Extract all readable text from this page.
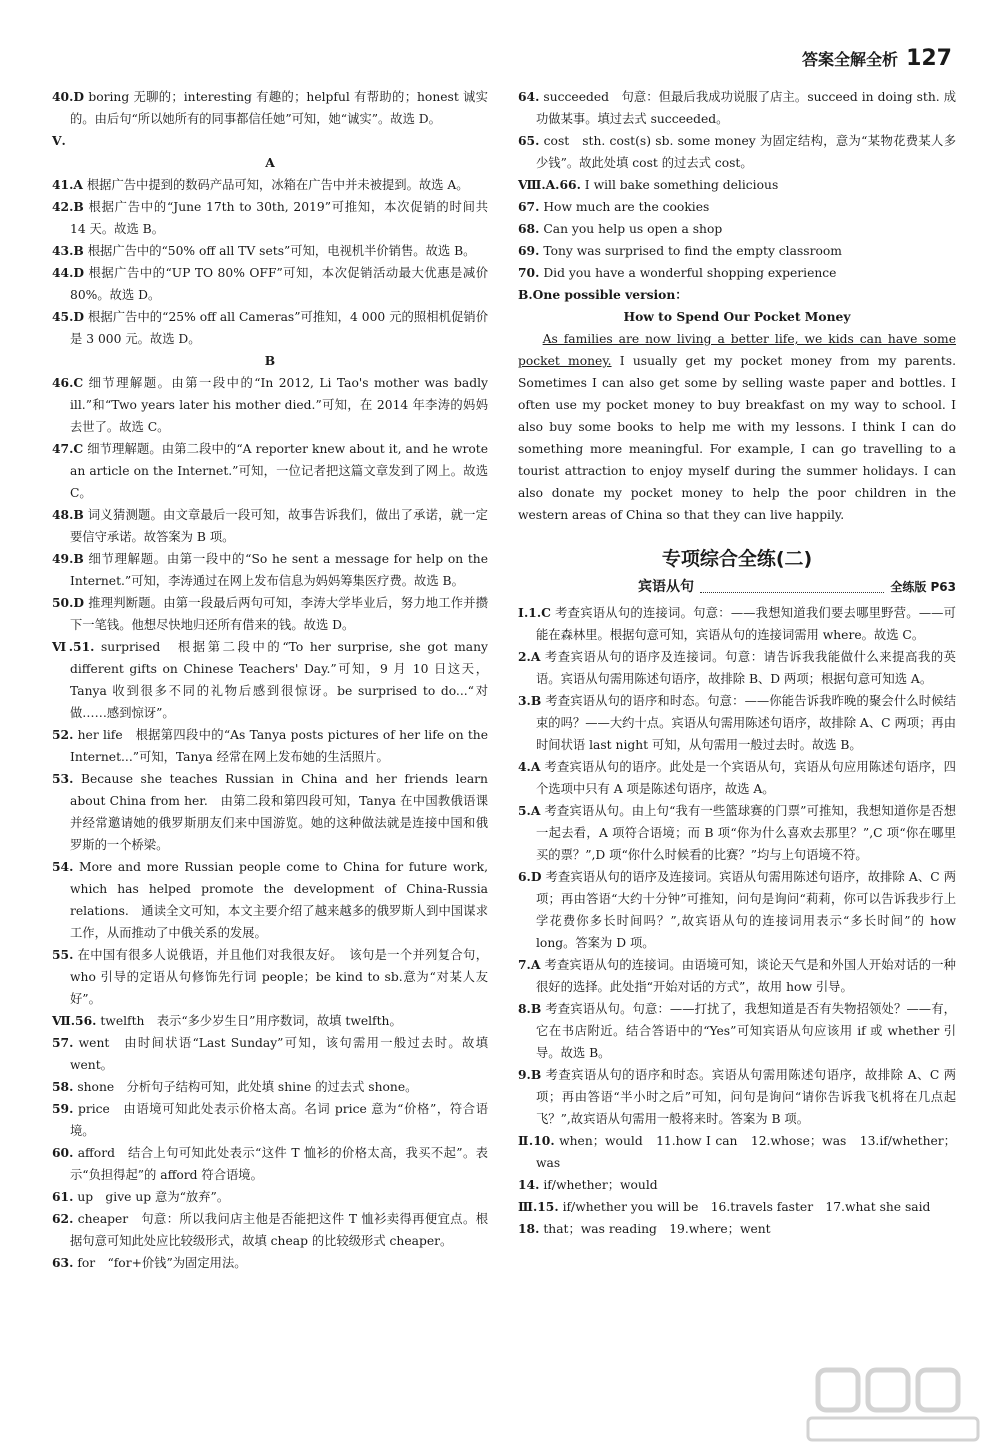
答案全解全析 127

40.D boring 无聊的；interesting 有趣的；helpful 有帮助的；honest 诚实的。由后句“所以她所有的同事都信任她”可知，她“诚实”。故选 D。

Ⅴ.

A

41.A 根据广告中提到的数码产品可知，冰箱在广告中并未被提到。故选 A。

42.B 根据广告中的“June 17th to 30th, 2019”可推知，本次促销的时间共 14 天。故选 B。

43.B 根据广告中的“50% off all TV sets”可知，电视机半价销售。故选 B。

44.D 根据广告中的“UP TO 80% OFF”可知，本次促销活动最大优惠是减价 80%。故选 D。

45.D 根据广告中的“25% off all Cameras”可推知，4 000 元的照相机促销价是 3 000 元。故选 D。

B

46.C 细节理解题。由第一段中的“In 2012, Li Tao's mother was badly ill.”和“Two years later his mother died.”可知，在 2014 年李涛的妈妈去世了。故选 C。

47.C 细节理解题。由第二段中的“A reporter knew about it, and he wrote an article on the Internet.”可知，一位记者把这篇文章发到了网上。故选 C。

48.B 词义猜测题。由文章最后一段可知，故事告诉我们，做出了承诺，就一定要信守承诺。故答案为 B 项。

49.B 细节理解题。由第一段中的“So he sent a message for help on the Internet.”可知，李涛通过在网上发布信息为妈妈筹集医疗费。故选 B。

50.D 推理判断题。由第一段最后两句可知，李涛大学毕业后，努力地工作并攒下一笔钱。他想尽快地归还所有借来的钱。故选 D。

Ⅵ.51. surprised　根据第二段中的“To her surprise, she got many different gifts on Chinese Teachers' Day.”可知，9 月 10 日这天，Tanya 收到很多不同的礼物后感到很惊讶。be surprised to do...“对做……感到惊讶”。

52. her life　根据第四段中的“As Tanya posts pictures of her life on the Internet...”可知，Tanya 经常在网上发布她的生活照片。

53. Because she teaches Russian in China and her friends learn about China from her.　由第二段和第四段可知，Tanya 在中国教俄语课并经常邀请她的俄罗斯朋友们来中国游览。她的这种做法就是连接中国和俄罗斯的一个桥梁。

54. More and more Russian people come to China for future work, which has helped promote the development of China-Russia relations.　通读全文可知，本文主要介绍了越来越多的俄罗斯人到中国谋求工作，从而推动了中俄关系的发展。

55. 在中国有很多人说俄语，并且他们对我很友好。　该句是一个并列复合句，who 引导的定语从句修饰先行词 people；be kind to sb.意为“对某人友好”。

Ⅶ.56. twelfth　表示“多少岁生日”用序数词，故填 twelfth。

57. went　由时间状语“Last Sunday”可知，该句需用一般过去时。故填 went。

58. shone　分析句子结构可知，此处填 shine 的过去式 shone。

59. price　由语境可知此处表示价格太高。名词 price 意为“价格”，符合语境。

60. afford　结合上句可知此处表示“这件 T 恤衫的价格太高，我买不起”。表示“负担得起”的 afford 符合语境。

61. up　give up 意为“放弃”。

62. cheaper　句意：所以我问店主他是否能把这件 T 恤衫卖得再便宜点。根据句意可知此处应比较级形式，故填 cheap 的比较级形式 cheaper。

63. for　“for+价钱”为固定用法。

64. succeeded　句意：但最后我成功说服了店主。succeed in doing sth. 成功做某事。填过去式 succeeded。

65. cost　sth. cost(s) sb. some money 为固定结构，意为“某物花费某人多少钱”。故此处填 cost 的过去式 cost。

Ⅷ.A.66. I will bake something delicious

67. How much are the cookies

68. Can you help us open a shop

69. Tony was surprised to find the empty classroom

70. Did you have a wonderful shopping experience

B.One possible version：

How to Spend Our Pocket Money

As families are now living a better life, we kids can have some pocket money. I usually get my pocket money from my parents. Sometimes I can also get some by selling waste paper and bottles. I often use my pocket money to buy breakfast on my way to school. I also buy some books to help me with my lessons. I think I can do something more meaningful. For example, I can go travelling to a tourist attraction to enjoy myself during the summer holidays. I can also donate my pocket money to help the poor children in the western areas of China so that they can live happily.

专项综合全练(二)
宾语从句	全练版 P63

Ⅰ.1.C 考查宾语从句的连接词。句意：——我想知道我们要去哪里野营。——可能在森林里。根据句意可知，宾语从句的连接词需用 where。故选 C。

2.A 考查宾语从句的语序及连接词。句意：请告诉我我能做什么来提高我的英语。宾语从句需用陈述句语序，故排除 B、D 两项；根据句意可知选 A。

3.B 考查宾语从句的语序和时态。句意：——你能告诉我昨晚的聚会什么时候结束的吗？——大约十点。宾语从句需用陈述句语序，故排除 A、C 两项；再由时间状语 last night 可知，从句需用一般过去时。故选 B。

4.A 考查宾语从句的语序。此处是一个宾语从句，宾语从句应用陈述句语序，四个选项中只有 A 项是陈述句语序，故选 A。

5.A 考查宾语从句。由上句“我有一些篮球赛的门票”可推知，我想知道你是否想一起去看，A 项符合语境；而 B 项“你为什么喜欢去那里？”,C 项“你在哪里买的票？”,D 项“你什么时候看的比赛？”均与上句语境不符。

6.D 考查宾语从句的语序及连接词。宾语从句需用陈述句语序，故排除 A、C 两项；再由答语“大约十分钟”可推知，问句是询问“莉莉，你可以告诉我步行上学花费你多长时间吗？”,故宾语从句的连接词用表示“多长时间”的 how long。答案为 D 项。

7.A 考查宾语从句的连接词。由语境可知，谈论天气是和外国人开始对话的一种很好的选择。此处指“开始对话的方式”，故用 how 引导。

8.B 考查宾语从句。句意：——打扰了，我想知道是否有失物招领处？——有，它在书店附近。结合答语中的“Yes”可知宾语从句应该用 if 或 whether 引导。故选 B。

9.B 考查宾语从句的语序和时态。宾语从句需用陈述句语序，故排除 A、C 两项；再由答语“半小时之后”可知，问句是询问“请你告诉我飞机将在几点起飞？”,故宾语从句需用一般将来时。答案为 B 项。

Ⅱ.10. when；would　11.how I can　12.whose；was　13.if/whether；was

14. if/whether；would

Ⅲ.15. if/whether you will be　16.travels faster　17.what she said

18. that；was reading　19.where；went
